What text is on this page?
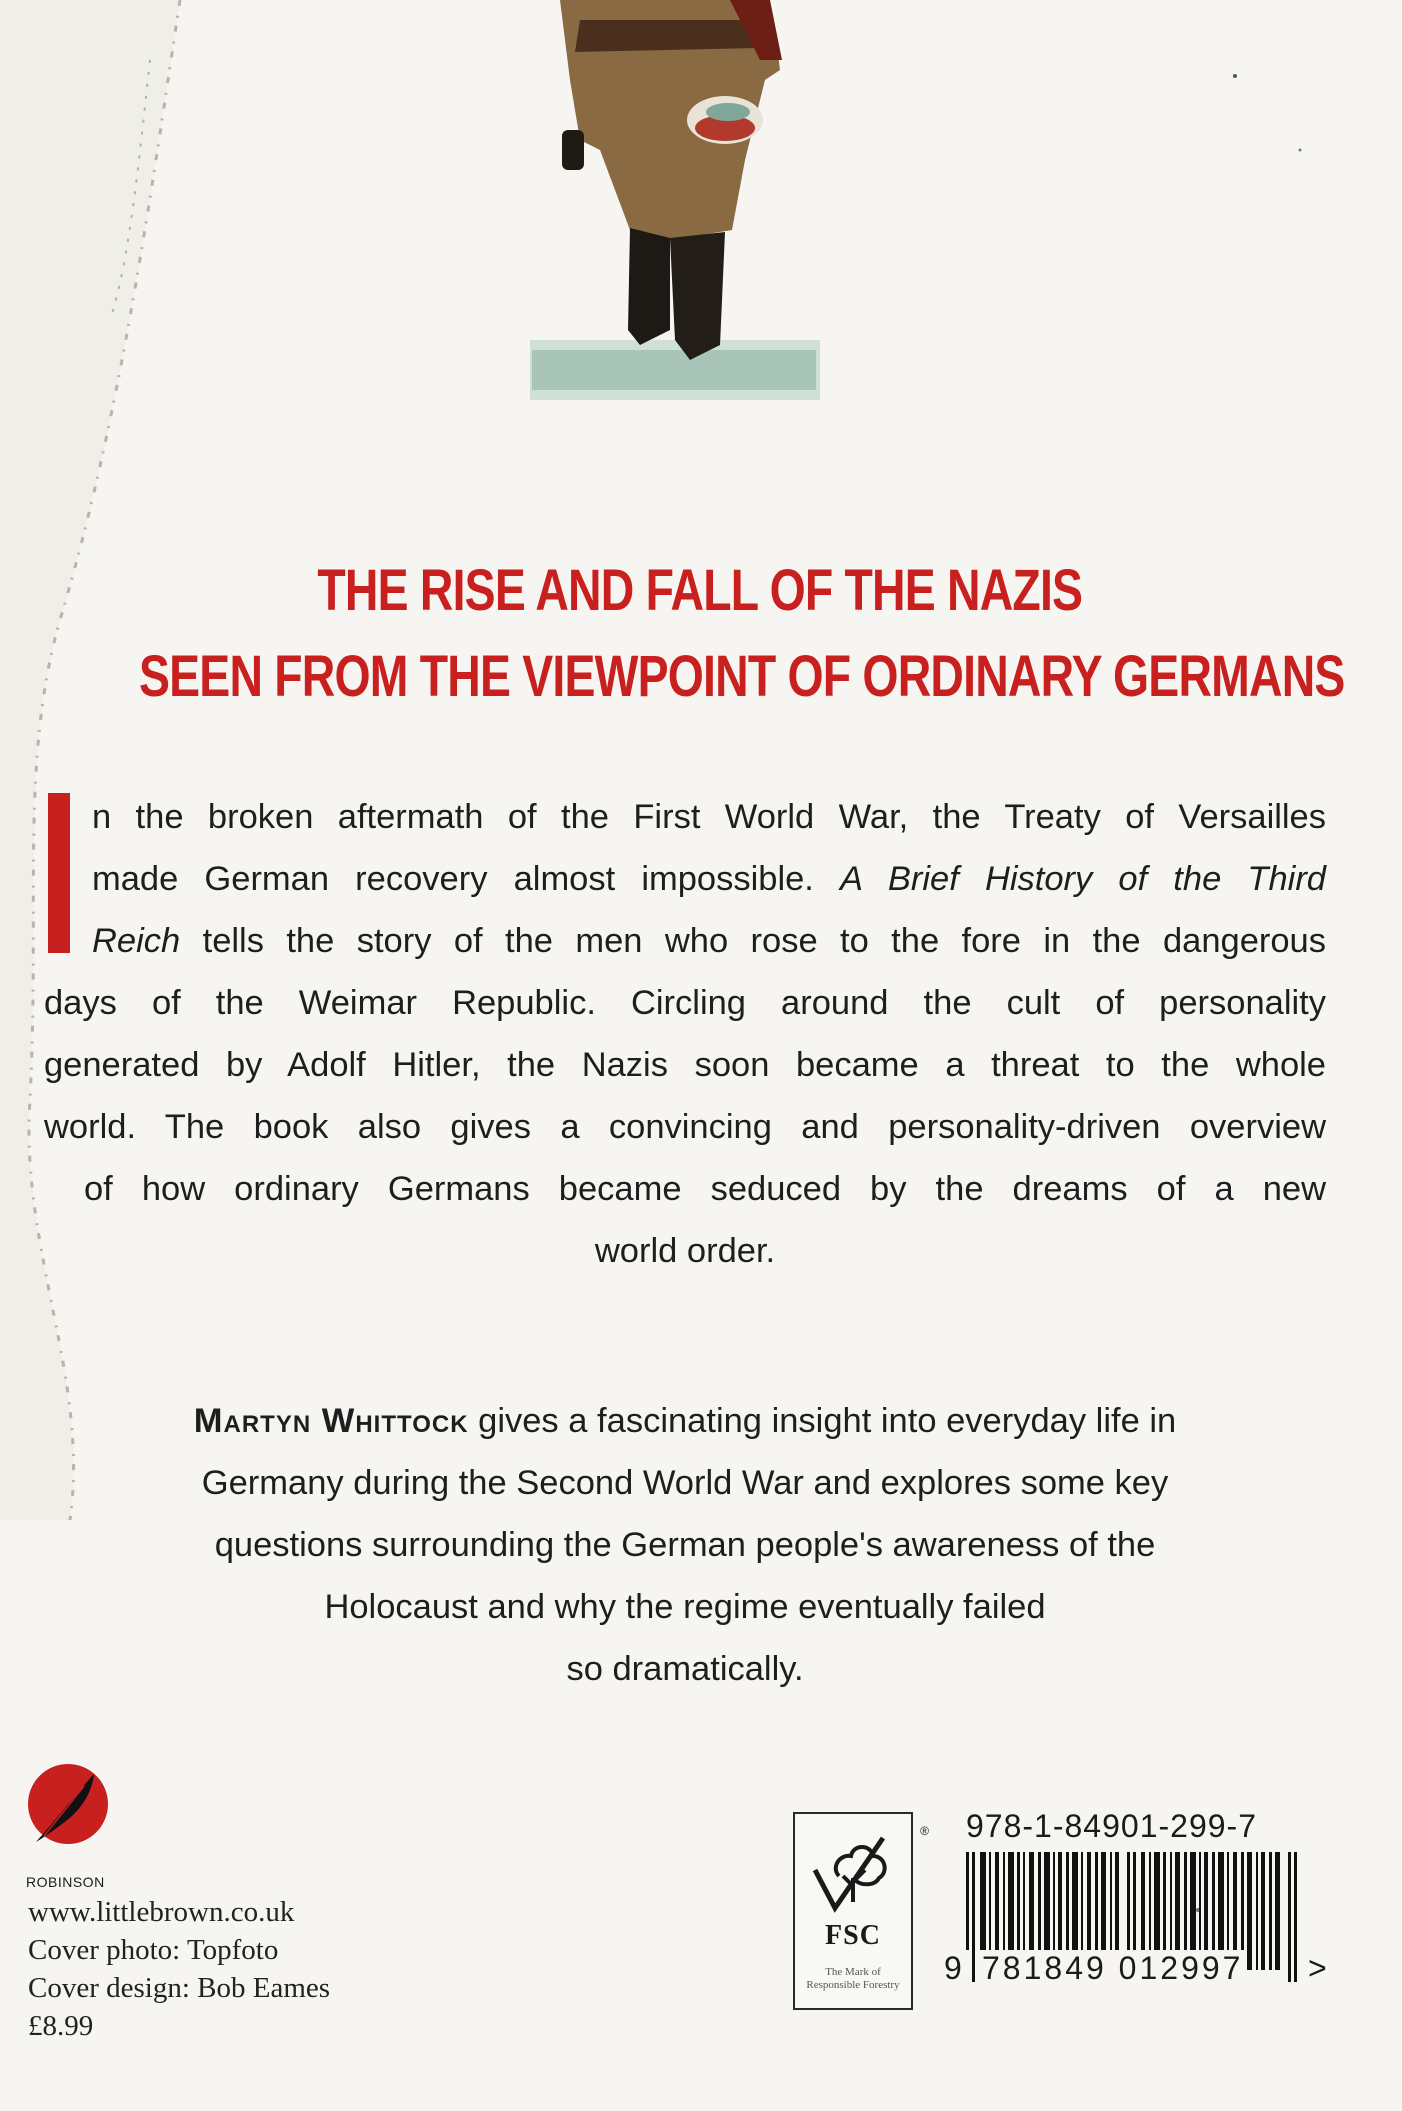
THE RISE AND FALL OF THE NAZIS
SEEN FROM THE VIEWPOINT OF ORDINARY GERMANS
n the broken aftermath of the First World War, the Treaty of Versailles
made German recovery almost impossible. A Brief History of the Third
Reich tells the story of the men who rose to the fore in the dangerous
days of the Weimar Republic. Circling around the cult of personality
generated by Adolf Hitler, the Nazis soon became a threat to the whole
world. The book also gives a convincing and personality-driven overview
of how ordinary Germans became seduced by the dreams of a new
world order.
Martyn Whittock gives a fascinating insight into everyday life in
Germany during the Second World War and explores some key
questions surrounding the German people's awareness of the
Holocaust and why the regime eventually failed
so dramatically.
ROBINSON
www.littlebrown.co.uk
Cover photo: Topfoto
Cover design: Bob Eames
£8.99
®
FSC
The Mark of Responsible Forestry
978-1-84901-299-7
9 781849 012997 >
